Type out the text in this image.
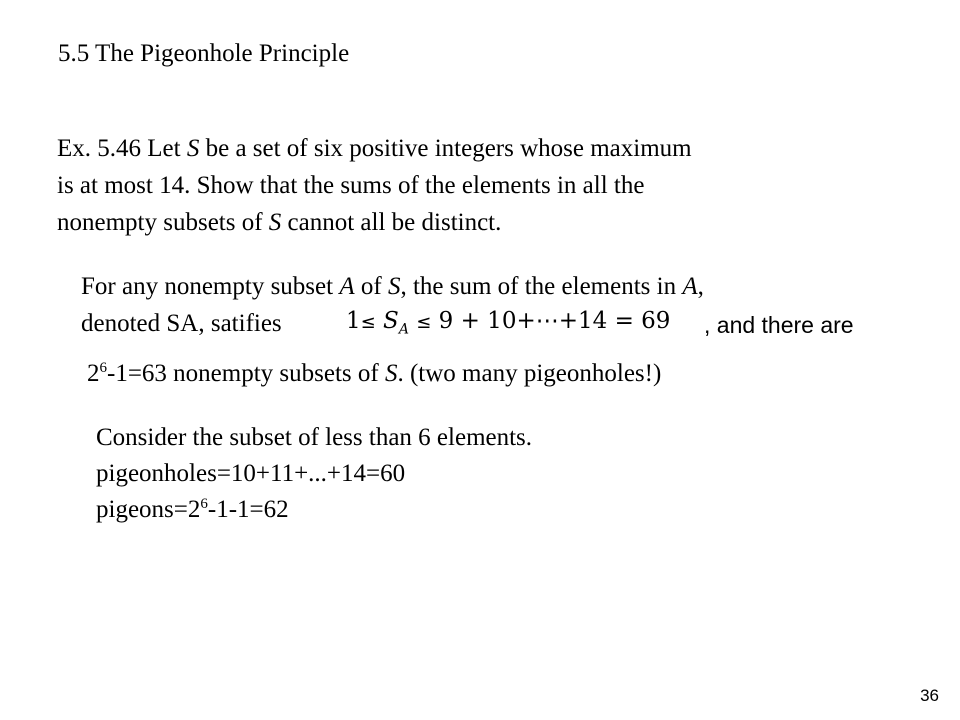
5.5 The Pigeonhole Principle
Ex. 5.46 Let S be a set of six positive integers whose maximum
is at most 14. Show that the sums of the elements in all the
nonempty subsets of S cannot all be distinct.
For any nonempty subset A of S, the sum of the elements in A,
denoted SA, satifies	$1\le S_A \le 9$ + 10+⋯+14 = 69 , and there are
$2^6-1=63$ nonempty subsets of S. (two many pigeonholes!)
Consider the subset of less than 6 elements.
pigeonholes=10+11+...+14=60
$pigeons=2^6-1-1=62$
36
